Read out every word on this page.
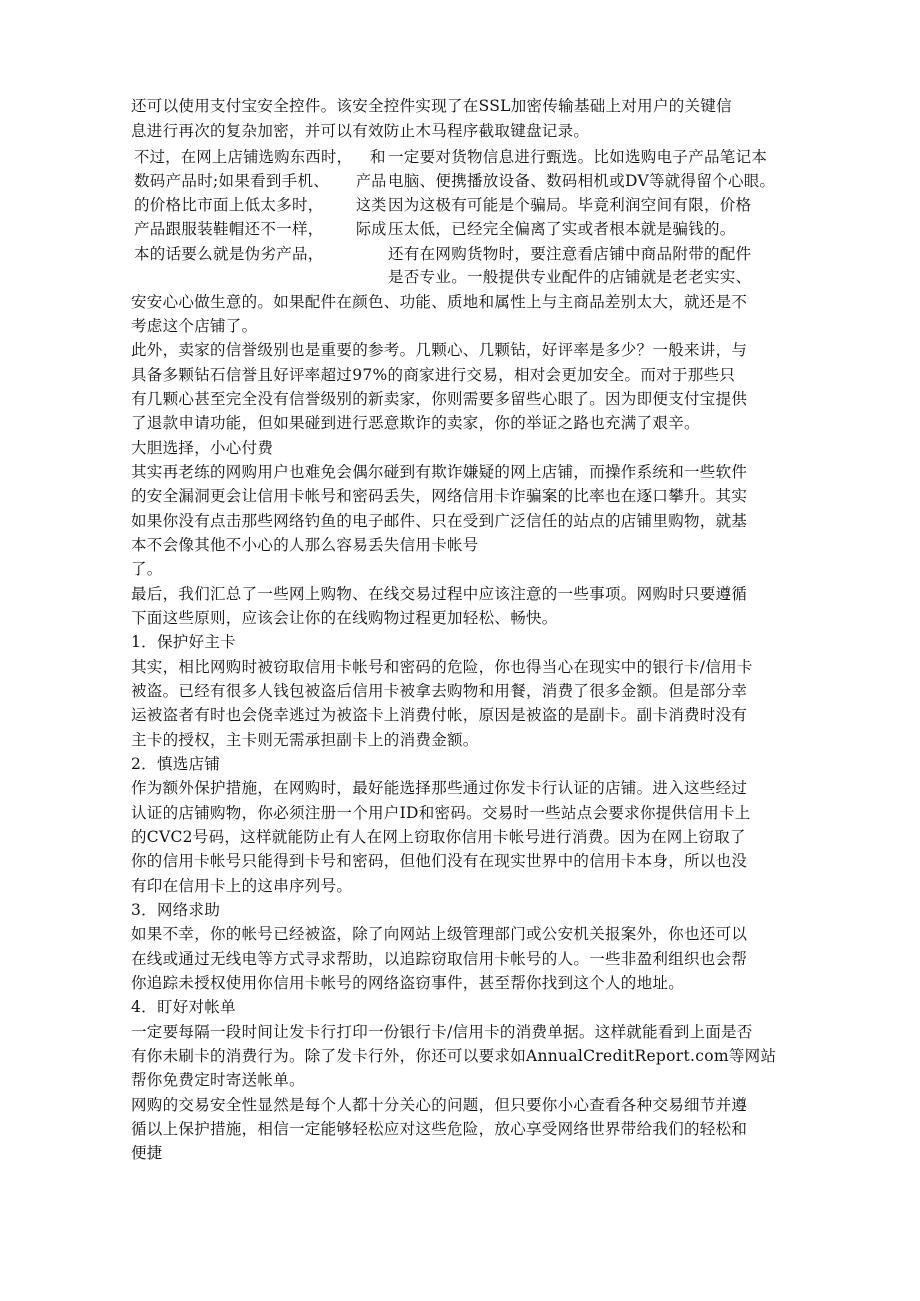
还可以使用支付宝安全控件。该安全控件实现了在SSL加密传输基础上对用户的关键信
息进行再次的复杂加密，并可以有效防止木马程序截取键盘记录。
不过，在网上店铺选购东西时，
数码产品时;如果看到手机、
的价格比市面上低太多时，
产品跟服装鞋帽还不一样，
本的话要么就是伪劣产品，
和
产品
这类
际成
一定要对货物信息进行甄选。比如选购电子产品笔记本
电脑、便携播放设备、数码相机或DV等就得留个心眼。
因为这极有可能是个骗局。毕竟利润空间有限，价格
压太低，已经完全偏离了实或者根本就是骗钱的。
还有在网购货物时，要注意看店铺中商品附带的配件
是否专业。一般提供专业配件的店铺就是老老实实、
安安心心做生意的。如果配件在颜色、功能、质地和属性上与主商品差别太大，就还是不
考虑这个店铺了。
此外，卖家的信誉级别也是重要的参考。几颗心、几颗钻，好评率是多少？一般来讲，与
具备多颗钻石信誉且好评率超过97%的商家进行交易，相对会更加安全。而对于那些只
有几颗心甚至完全没有信誉级别的新卖家，你则需要多留些心眼了。因为即便支付宝提供
了退款申请功能，但如果碰到进行恶意欺诈的卖家，你的举证之路也充满了艰辛。
大胆选择，小心付费
其实再老练的网购用户也难免会偶尔碰到有欺诈嫌疑的网上店铺，而操作系统和一些软件
的安全漏洞更会让信用卡帐号和密码丢失，网络信用卡诈骗案的比率也在逐口攀升。其实
如果你没有点击那些网络钓鱼的电子邮件、只在受到广泛信任的站点的店铺里购物，就基
本不会像其他不小心的人那么容易丢失信用卡帐号
了。
最后，我们汇总了一些网上购物、在线交易过程中应该注意的一些事项。网购时只要遵循
下面这些原则，应该会让你的在线购物过程更加轻松、畅快。
1．保护好主卡
其实，相比网购时被窃取信用卡帐号和密码的危险，你也得当心在现实中的银行卡/信用卡
被盗。已经有很多人钱包被盗后信用卡被拿去购物和用餐，消费了很多金额。但是部分幸
运被盗者有时也会侥幸逃过为被盗卡上消费付帐，原因是被盗的是副卡。副卡消费时没有
主卡的授权，主卡则无需承担副卡上的消费金额。
2．慎选店铺
作为额外保护措施，在网购时，最好能选择那些通过你发卡行认证的店铺。进入这些经过
认证的店铺购物，你必须注册一个用户ID和密码。交易时一些站点会要求你提供信用卡上
的CVC2号码，这样就能防止有人在网上窃取你信用卡帐号进行消费。因为在网上窃取了
你的信用卡帐号只能得到卡号和密码，但他们没有在现实世界中的信用卡本身，所以也没
有印在信用卡上的这串序列号。
3．网络求助
如果不幸，你的帐号已经被盗，除了向网站上级管理部门或公安机关报案外，你也还可以
在线或通过无线电等方式寻求帮助，以追踪窃取信用卡帐号的人。一些非盈利组织也会帮
你追踪未授权使用你信用卡帐号的网络盗窃事件，甚至帮你找到这个人的地址。
4．盯好对帐单
一定要每隔一段时间让发卡行打印一份银行卡/信用卡的消费单据。这样就能看到上面是否
有你未刷卡的消费行为。除了发卡行外，你还可以要求如AnnualCreditReport.com等网站
帮你免费定时寄送帐单。
网购的交易安全性显然是每个人都十分关心的问题，但只要你小心查看各种交易细节并遵
循以上保护措施，相信一定能够轻松应对这些危险，放心享受网络世界带给我们的轻松和
便捷
